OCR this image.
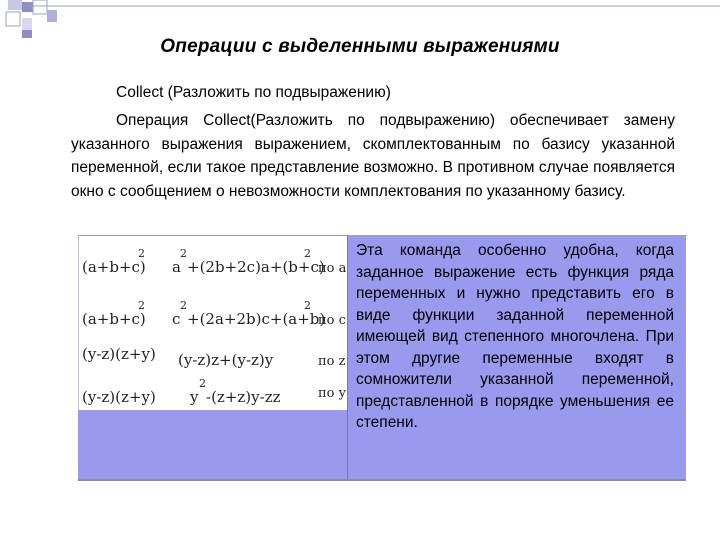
Операции с выделенными выражениями
Collect (Разложить по подвыражению)

Операция Collect(Разложить по подвыражению) обеспечивает замену указанного выражения выражением, скомплектованным по базису указанной переменной, если такое представление возможно. В противном случае появляется окно с сообщением о невозможности комплектования по указанному базису.

(a+b+c)
2
a
2
+(2b+2c)a+(b+c)
2
по a
(a+b+c)
2
c
2
+(2a+2b)c+(a+b)
2
по c
(y-z)(z+y) (y-z)z+(y-z)y	по z
(y-z)(z+y) y
2
-(z+z)y-zz	по y

Эта команда особенно удобна, когда заданное выражение есть функция ряда переменных и нужно представить его в виде функции заданной переменной имеющей вид степенного многочлена. При этом другие переменные входят в сомножители указанной переменной, представленной в порядке уменьшения ее степени.
